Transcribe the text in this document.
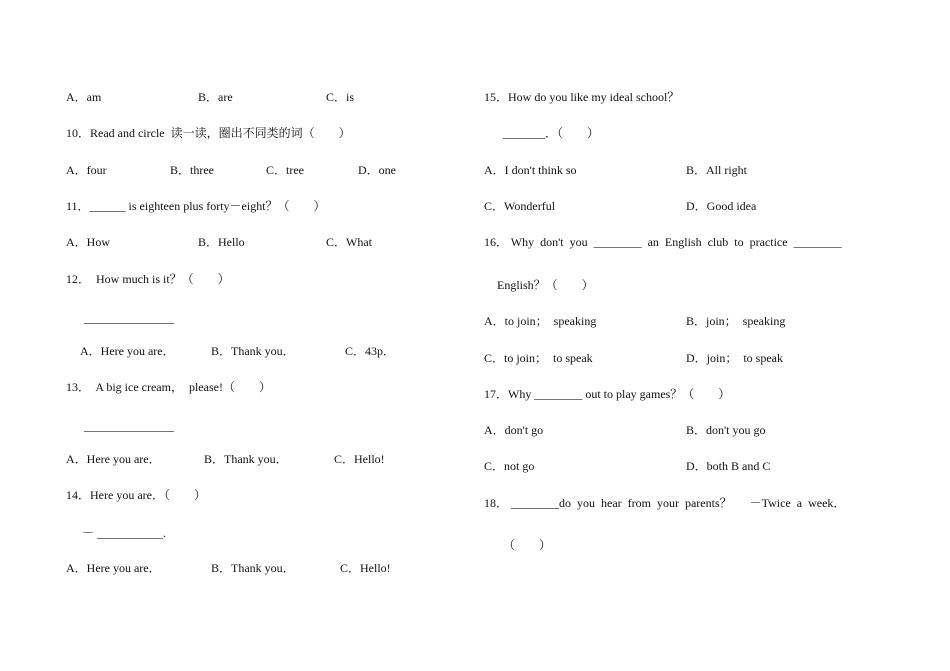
A．am	B．are	C．is
10．Read and circle  读一读，圈出不同类的词（　　）
A．four	B．three	C．tree	D．one
11．______ is eighteen plus forty－eight？（　　）
A．How	B．Hello	C．What
12．  How much is it？（　　）
_______________
A．Here you are．	B．Thank you．	C．43p．
13．  A big ice cream，  please!（　　）
_______________
A．Here you are．	B．Thank you．	C．Hello!
14．Here you are．（　　）
－ ___________.
A．Here you are．	B．Thank you．	C．Hello!
15．How do you like my ideal school？
_______．（　　）
A．I don't think so	B．All right
C．Wonderful	D．Good idea
16． Why  don't  you  ________  an  English  club  to  practice  ________
English？（　　）
A．to join；  speaking	B．join；  speaking
C．to join；  to speak	D．join；  to speak
17．Why ________ out to play games？（　　）
A．don't go	B．don't you go
C．not go	D．both B and C
18． ________do  you  hear  from  your  parents？      －Twice  a  week．
（　　）
